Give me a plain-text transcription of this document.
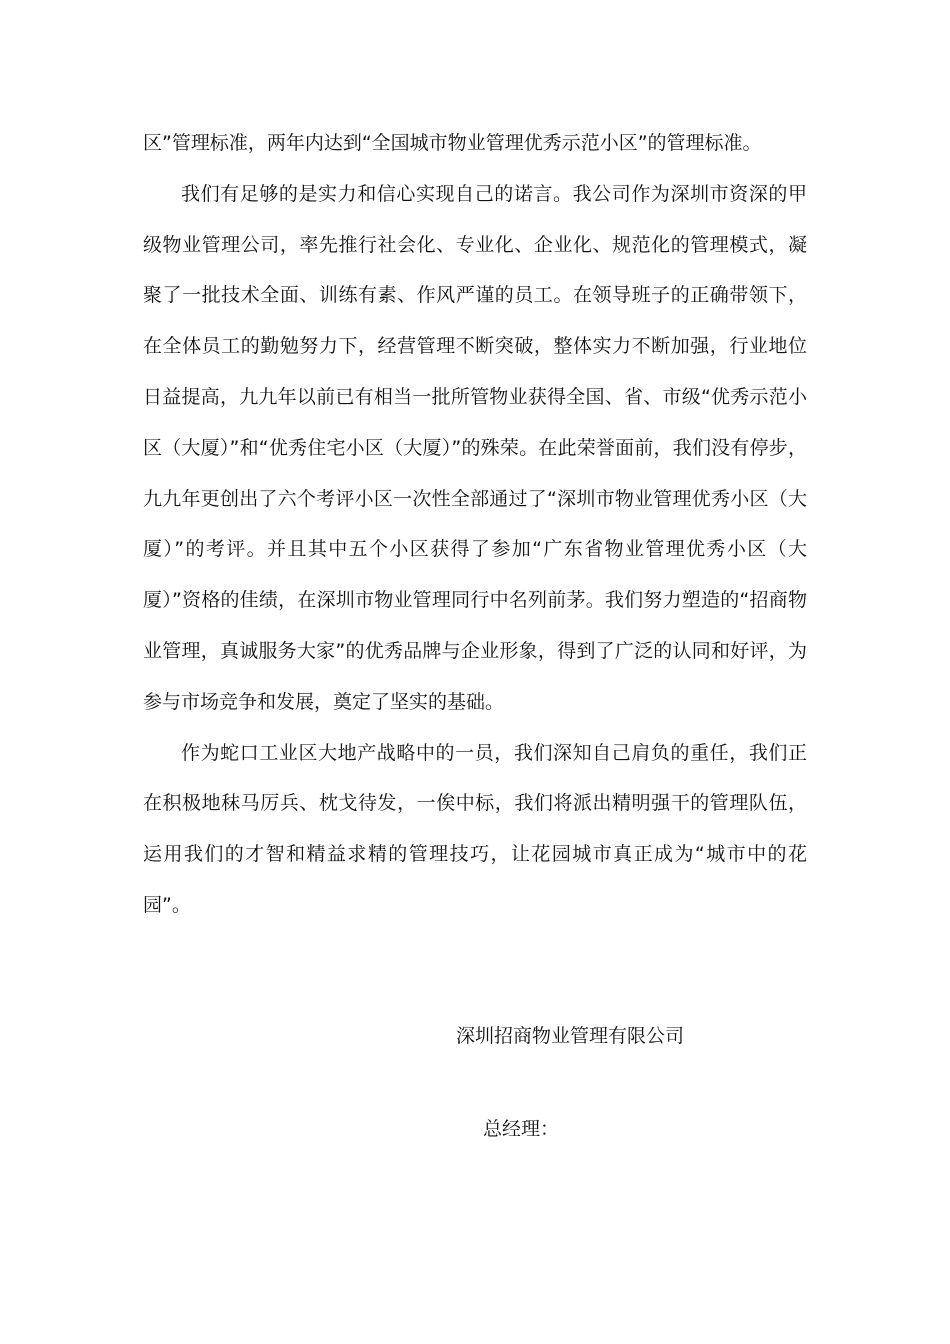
区”管理标准，两年内达到“全国城市物业管理优秀示范小区”的管理标准。

我们有足够的是实力和信心实现自己的诺言。我公司作为深圳市资深的甲级物业管理公司，率先推行社会化、专业化、企业化、规范化的管理模式，凝聚了一批技术全面、训练有素、作风严谨的员工。在领导班子的正确带领下，在全体员工的勤勉努力下，经营管理不断突破，整体实力不断加强，行业地位日益提高，九九年以前已有相当一批所管物业获得全国、省、市级“优秀示范小区（大厦）”和“优秀住宅小区（大厦）”的殊荣。在此荣誉面前，我们没有停步，九九年更创出了六个考评小区一次性全部通过了“深圳市物业管理优秀小区（大厦）”的考评。并且其中五个小区获得了参加“广东省物业管理优秀小区（大厦）”资格的佳绩，在深圳市物业管理同行中名列前茅。我们努力塑造的“招商物业管理，真诚服务大家”的优秀品牌与企业形象，得到了广泛的认同和好评，为参与市场竞争和发展，奠定了坚实的基础。

作为蛇口工业区大地产战略中的一员，我们深知自己肩负的重任，我们正在积极地秣马厉兵、枕戈待发，一俟中标，我们将派出精明强干的管理队伍，运用我们的才智和精益求精的管理技巧，让花园城市真正成为“城市中的花园”。

深圳招商物业管理有限公司
总经理：
